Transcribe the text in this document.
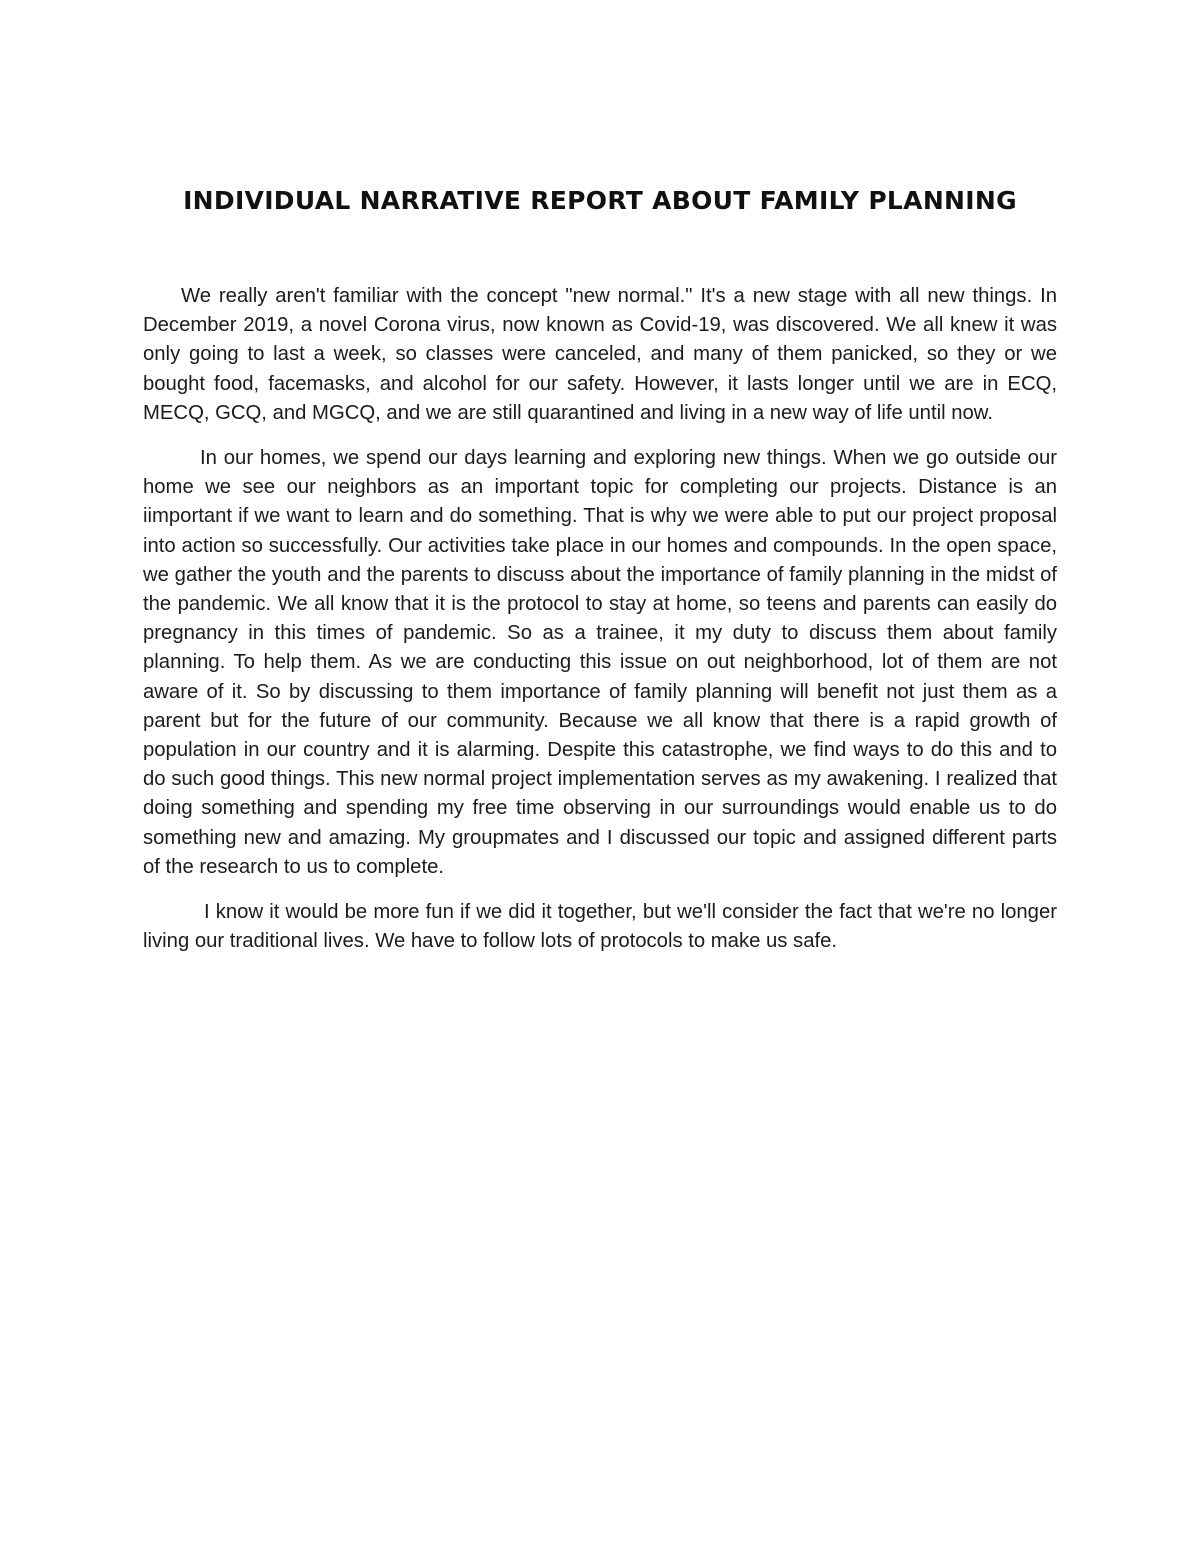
INDIVIDUAL NARRATIVE REPORT ABOUT FAMILY PLANNING

We really aren't familiar with the concept "new normal." It's a new stage with all new things. In December 2019, a novel Corona virus, now known as Covid-19, was discovered. We all knew it was only going to last a week, so classes were canceled, and many of them panicked, so they or we bought food, facemasks, and alcohol for our safety. However, it lasts longer until we are in ECQ, MECQ, GCQ, and MGCQ, and we are still quarantined and living in a new way of life until now.

In our homes, we spend our days learning and exploring new things. When we go outside our home we see our neighbors as an important topic for completing our projects. Distance is an iimportant if we want to learn and do something. That is why we were able to put our project proposal into action so successfully. Our activities take place in our homes and compounds. In the open space, we gather the youth and the parents to discuss about the importance of family planning in the midst of the pandemic. We all know that it is the protocol to stay at home, so teens and parents can easily do pregnancy in this times of pandemic. So as a trainee, it my duty to discuss them about family planning. To help them. As we are conducting this issue on out neighborhood, lot of them are not aware of it. So by discussing to them importance of family planning will benefit not just them as a parent but for the future of our community. Because we all know that there is a rapid growth of population in our country and it is alarming. Despite this catastrophe, we find ways to do this and to do such good things. This new normal project implementation serves as my awakening. I realized that doing something and spending my free time observing in our surroundings would enable us to do something new and amazing. My groupmates and I discussed our topic and assigned different parts of the research to us to complete.

I know it would be more fun if we did it together, but we'll consider the fact that we're no longer living our traditional lives. We have to follow lots of protocols to make us safe.
